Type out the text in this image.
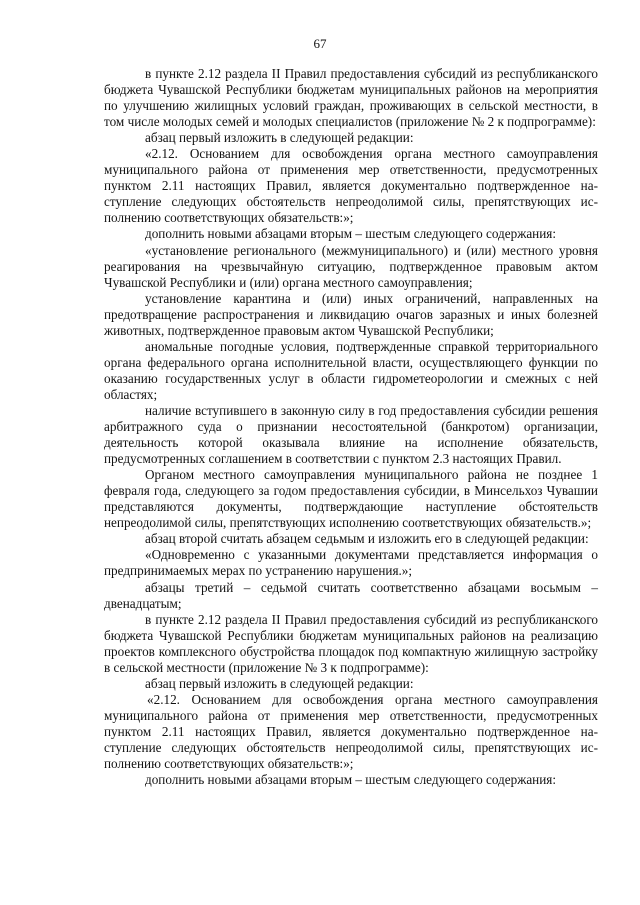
67

в пункте 2.12 раздела II Правил предоставления субсидий из республиканского бюджета Чувашской Республики бюджетам муниципальных районов на мероприятия по улучшению жилищных условий граждан, проживающих в сельской местности, в том числе молодых семей и молодых специалистов (приложение № 2 к подпрограмме):

абзац первый изложить в следующей редакции:

«2.12. Основанием для освобождения органа местного самоуправления муниципального района от применения мер ответственности, предусмотренных пунктом 2.11 настоящих Правил, является документально подтвержденное наступление следующих обстоятельств непреодолимой силы, препятствующих исполнению соответствующих обязательств:»;

дополнить новыми абзацами вторым – шестым следующего содержания:

«установление регионального (межмуниципального) и (или) местного уровня реагирования на чрезвычайную ситуацию, подтвержденное правовым актом Чувашской Республики и (или) органа местного самоуправления;

установление карантина и (или) иных ограничений, направленных на предотвращение распространения и ликвидацию очагов заразных и иных болезней животных, подтвержденное правовым актом Чувашской Республики;

аномальные погодные условия, подтвержденные справкой территориального органа федерального органа исполнительной власти, осуществляющего функции по оказанию государственных услуг в области гидрометеорологии и смежных с ней областях;

наличие вступившего в законную силу в год предоставления субсидии решения арбитражного суда о признании несостоятельной (банкротом) организации, деятельность которой оказывала влияние на исполнение обязательств, предусмотренных соглашением в соответствии с пунктом 2.3 настоящих Правил.

Органом местного самоуправления муниципального района не позднее 1 февраля года, следующего за годом предоставления субсидии, в Минсельхоз Чувашии представляются документы, подтверждающие наступление обстоятельств непреодолимой силы, препятствующих исполнению соответствующих обязательств.»;

абзац второй считать абзацем седьмым и изложить его в следующей редакции:

«Одновременно с указанными документами представляется информация о предпринимаемых мерах по устранению нарушения.»;

абзацы третий – седьмой считать соответственно абзацами восьмым – двенадцатым;

в пункте 2.12 раздела II Правил предоставления субсидий из республиканского бюджета Чувашской Республики бюджетам муниципальных районов на реализацию проектов комплексного обустройства площадок под компактную жилищную застройку в сельской местности (приложение № 3 к подпрограмме):

абзац первый изложить в следующей редакции:

«2.12. Основанием для освобождения органа местного самоуправления муниципального района от применения мер ответственности, предусмотренных пунктом 2.11 настоящих Правил, является документально подтвержденное наступление следующих обстоятельств непреодолимой силы, препятствующих исполнению соответствующих обязательств:»;

дополнить новыми абзацами вторым – шестым следующего содержания:
